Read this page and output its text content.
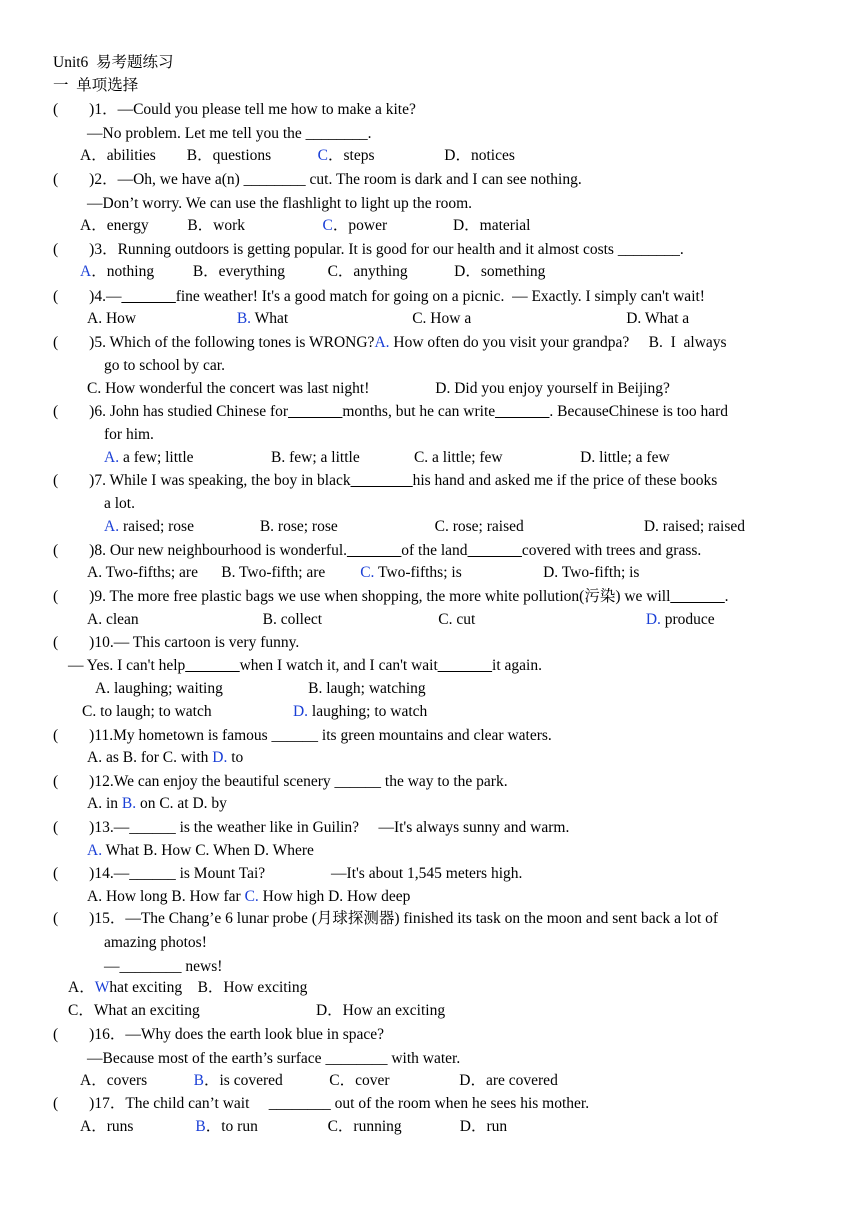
Unit6  易考题练习
一  单项选择
(        )1．—Could you please tell me how to make a kite?
—No problem. Let me tell you the ________.
A．abilities        B．questions            C．steps                  D．notices
(        )2．—Oh, we have a(n) ________ cut. The room is dark and I can see nothing.
—Don’t worry. We can use the flashlight to light up the room.
A．energy          B．work                    C．power                 D．material
(        )3．Running outdoors is getting popular. It is good for our health and it almost costs ________.
A．nothing          B．everything           C．anything            D．something
(        )4.—_______fine weather! It's a good match for going on a picnic.  — Exactly. I simply can't wait!
A. How                          B. What                                C. How a                                        D. What a
(        )5. Which of the following tones is WRONG?A. How often do you visit your grandpa?     B.  I  always
go to school by car.
C. How wonderful the concert was last night!                 D. Did you enjoy yourself in Beijing?
(        )6. John has studied Chinese for_______months, but he can write_______. BecauseChinese is too hard
for him.
A. a few; little                    B. few; a little              C. a little; few                    D. little; a few
(        )7. While I was speaking, the boy in black________his hand and asked me if the price of these books
a lot.
A. raised; rose                 B. rose; rose                         C. rose; raised                               D. raised; raised
(        )8. Our new neighbourhood is wonderful._______of the land_______covered with trees and grass.
A. Two-fifths; are      B. Two-fifth; are         C. Two-fifths; is                     D. Two-fifth; is
(        )9. The more free plastic bags we use when shopping, the more white pollution(污染) we will_______.
A. clean                                B. collect                              C. cut                                            D. produce
(        )10.— This cartoon is very funny.
— Yes. I can't help_______when I watch it, and I can't wait_______it again.
A. laughing; waiting                      B. laugh; watching
C. to laugh; to watch                     D. laughing; to watch
(        )11.My hometown is famous ______ its green mountains and clear waters.
A. as B. for C. with D. to
(        )12.We can enjoy the beautiful scenery ______ the way to the park.
A. in B. on C. at D. by
(        )13.—______ is the weather like in Guilin?     —It's always sunny and warm.
A. What B. How C. When D. Where
(        )14.—______ is Mount Tai?                 —It's about 1,545 meters high.
A. How long B. How far C. How high D. How deep
(        )15．—The Chang’e 6 lunar probe (月球探测器) finished its task on the moon and sent back a lot of
amazing photos!
—________ news!
A．What exciting    B．How exciting
C．What an exciting                              D．How an exciting
(        )16．—Why does the earth look blue in space?
—Because most of the earth’s surface ________ with water.
A．covers            B．is covered            C．cover                  D．are covered
(        )17．The child can’t wait     ________ out of the room when he sees his mother.
A．runs                B．to run                  C．running               D．run
